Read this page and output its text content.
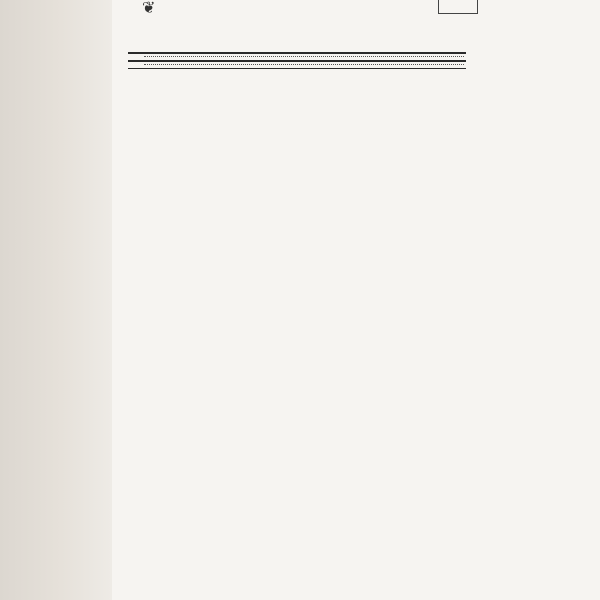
❦
